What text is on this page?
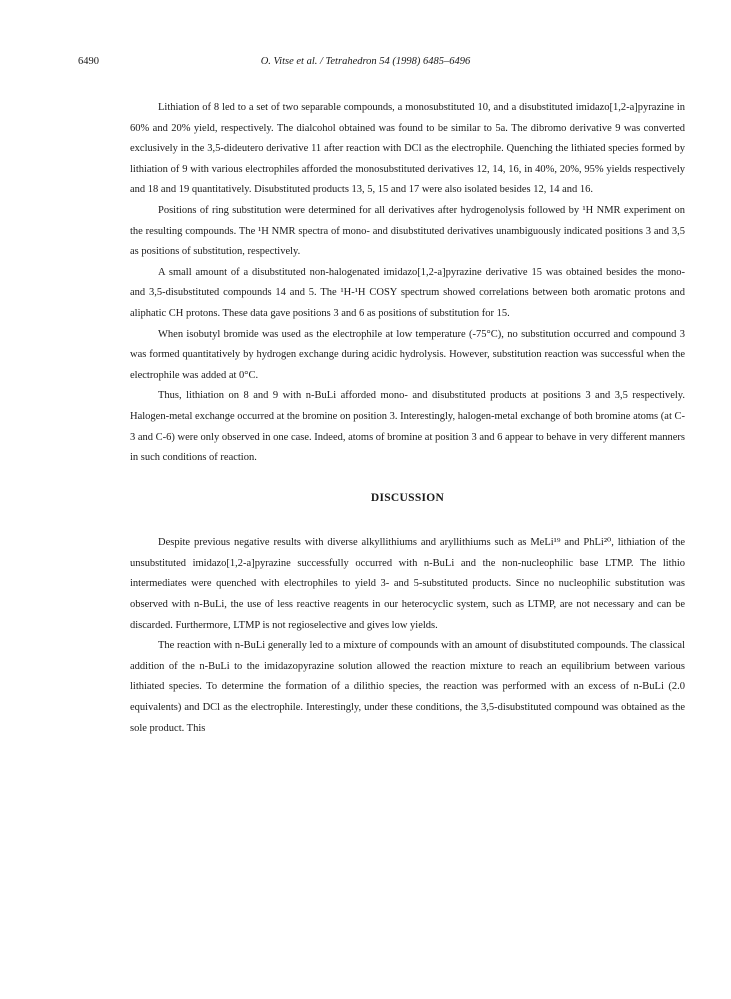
6490	O. Vitse et al. / Tetrahedron 54 (1998) 6485–6496

Lithiation of 8 led to a set of two separable compounds, a monosubstituted 10, and a disubstituted imidazo[1,2-a]pyrazine in 60% and 20% yield, respectively. The dialcohol obtained was found to be similar to 5a. The dibromo derivative 9 was converted exclusively in the 3,5-dideutero derivative 11 after reaction with DCl as the electrophile. Quenching the lithiated species formed by lithiation of 9 with various electrophiles afforded the monosubstituted derivatives 12, 14, 16, in 40%, 20%, 95% yields respectively and 18 and 19 quantitatively. Disubstituted products 13, 5, 15 and 17 were also isolated besides 12, 14 and 16.

Positions of ring substitution were determined for all derivatives after hydrogenolysis followed by ¹H NMR experiment on the resulting compounds. The ¹H NMR spectra of mono- and disubstituted derivatives unambiguously indicated positions 3 and 3,5 as positions of substitution, respectively.

A small amount of a disubstituted non-halogenated imidazo[1,2-a]pyrazine derivative 15 was obtained besides the mono- and 3,5-disubstituted compounds 14 and 5. The ¹H-¹H COSY spectrum showed correlations between both aromatic protons and aliphatic CH protons. These data gave positions 3 and 6 as positions of substitution for 15.

When isobutyl bromide was used as the electrophile at low temperature (-75°C), no substitution occurred and compound 3 was formed quantitatively by hydrogen exchange during acidic hydrolysis. However, substitution reaction was successful when the electrophile was added at 0°C.

Thus, lithiation on 8 and 9 with n-BuLi afforded mono- and disubstituted products at positions 3 and 3,5 respectively. Halogen-metal exchange occurred at the bromine on position 3. Interestingly, halogen-metal exchange of both bromine atoms (at C-3 and C-6) were only observed in one case. Indeed, atoms of bromine at position 3 and 6 appear to behave in very different manners in such conditions of reaction.

DISCUSSION

Despite previous negative results with diverse alkyllithiums and aryllithiums such as MeLi¹⁹ and PhLi²⁰, lithiation of the unsubstituted imidazo[1,2-a]pyrazine successfully occurred with n-BuLi and the non-nucleophilic base LTMP. The lithio intermediates were quenched with electrophiles to yield 3- and 5-substituted products. Since no nucleophilic substitution was observed with n-BuLi, the use of less reactive reagents in our heterocyclic system, such as LTMP, are not necessary and can be discarded. Furthermore, LTMP is not regioselective and gives low yields.

The reaction with n-BuLi generally led to a mixture of compounds with an amount of disubstituted compounds. The classical addition of the n-BuLi to the imidazopyrazine solution allowed the reaction mixture to reach an equilibrium between various lithiated species. To determine the formation of a dilithio species, the reaction was performed with an excess of n-BuLi (2.0 equivalents) and DCl as the electrophile. Interestingly, under these conditions, the 3,5-disubstituted compound was obtained as the sole product. This
